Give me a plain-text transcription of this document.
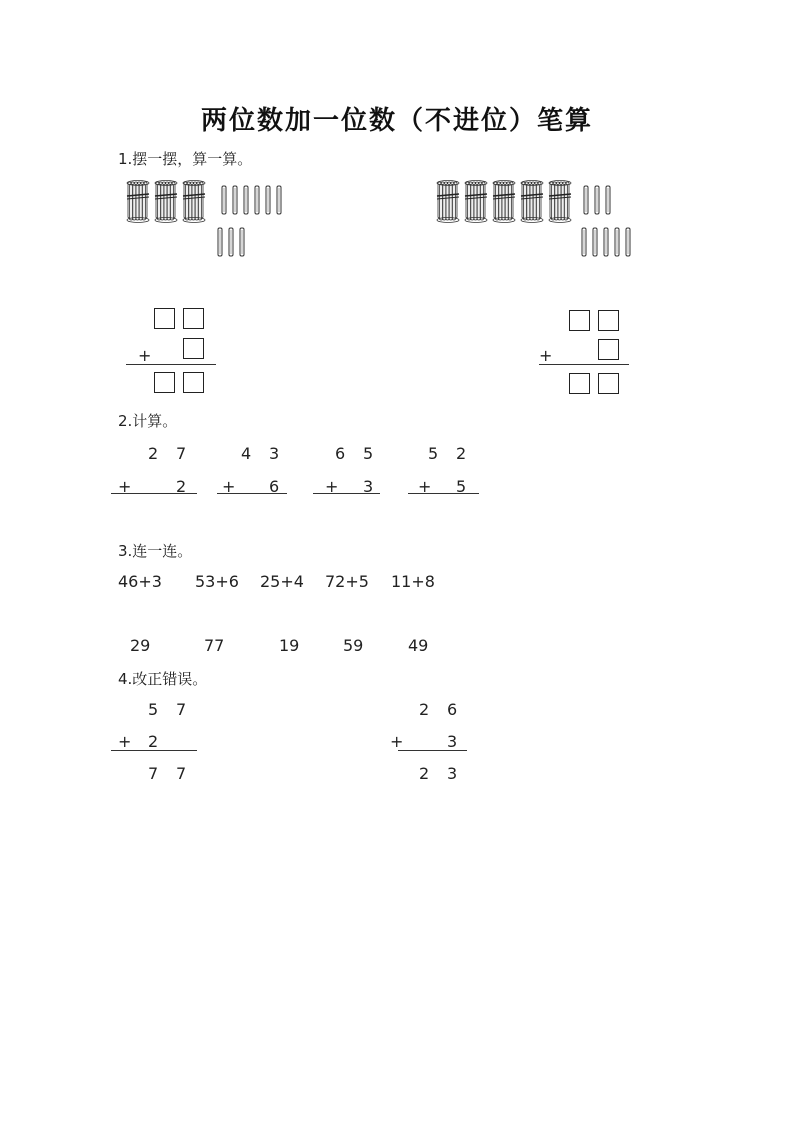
两位数加一位数（不进位）笔算
1.摆一摆，算一算。
+	+
2.计算。
2 7
+	2
4 3
+ 6
6 5
+ 3
5 2
+ 5
3.连一连。
46+3 53+6 25+4 72+5 11+8
29	77	19	59	49
4.改正错误。
5 7
+ 2
7 7
2 6
+	3
2 3
